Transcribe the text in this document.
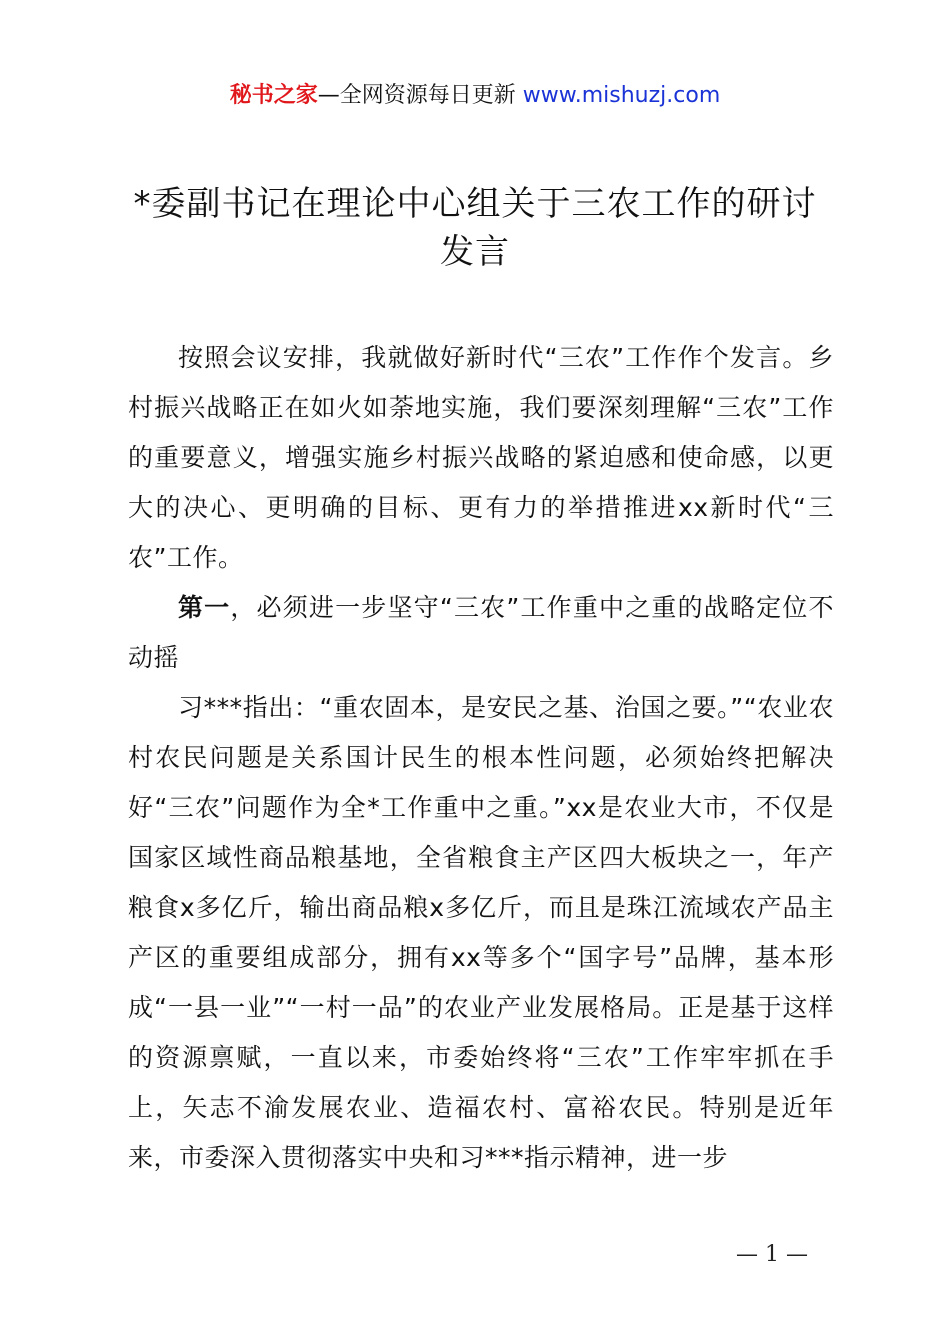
秘书之家—全网资源每日更新 www.mishuzj.com
*委副书记在理论中心组关于三农工作的研讨发言

按照会议安排，我就做好新时代“三农”工作作个发言。乡村振兴战略正在如火如荼地实施，我们要深刻理解“三农”工作的重要意义，增强实施乡村振兴战略的紧迫感和使命感，以更大的决心、更明确的目标、更有力的举措推进xx新时代“三农”工作。

第一，必须进一步坚守“三农”工作重中之重的战略定位不动摇

习***指出：“重农固本，是安民之基、治国之要。”“农业农村农民问题是关系国计民生的根本性问题，必须始终把解决好“三农”问题作为全*工作重中之重。”xx是农业大市，不仅是国家区域性商品粮基地，全省粮食主产区四大板块之一，年产粮食x多亿斤，输出商品粮x多亿斤，而且是珠江流域农产品主产区的重要组成部分，拥有xx等多个“国字号”品牌，基本形成“一县一业”“一村一品”的农业产业发展格局。正是基于这样的资源禀赋，一直以来，市委始终将“三农”工作牢牢抓在手上，矢志不渝发展农业、造福农村、富裕农民。特别是近年来，市委深入贯彻落实中央和习***指示精神，进一步

— 1 —
